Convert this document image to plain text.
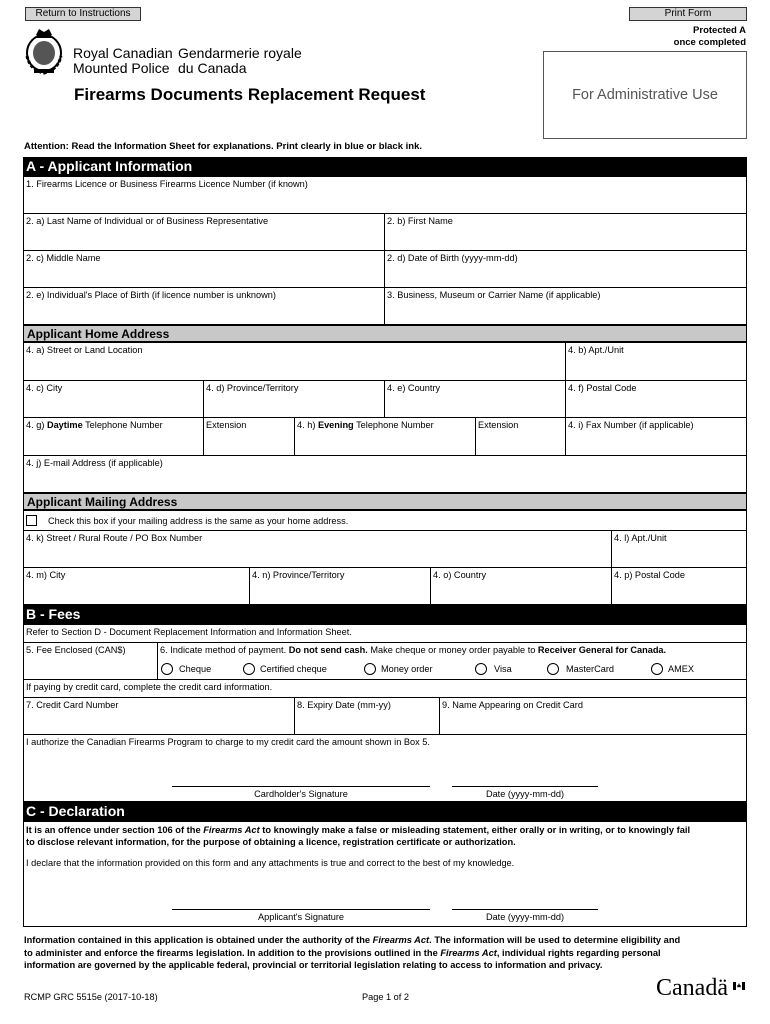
Return to Instructions	Print Form
Protected A
once completed
Royal Canadian
Mounted Police
Gendarmerie royale
du Canada
Firearms Documents Replacement Request	For Administrative Use
Attention: Read the Information Sheet for explanations. Print clearly in blue or black ink.
A - Applicant Information
1. Firearms Licence or Business Firearms Licence Number (if known)
2. a) Last Name of Individual or of Business Representative	2. b) First Name
2. c) Middle Name	2. d) Date of Birth (yyyy-mm-dd)
2. e) Individual's Place of Birth (if licence number is unknown)	3. Business, Museum or Carrier Name (if applicable)
Applicant Home Address
4. a) Street or Land Location	4. b) Apt./Unit
4. c) City	4. d) Province/Territory	4. e) Country	4. f) Postal Code
4. g) Daytime Telephone Number	Extension	4. h) Evening Telephone Number	Extension	4. i) Fax Number (if applicable)
4. j) E-mail Address (if applicable)
Applicant Mailing Address
Check this box if your mailing address is the same as your home address.
4. k) Street / Rural Route / PO Box Number	4. l) Apt./Unit
4. m) City	4. n) Province/Territory	4. o) Country	4. p) Postal Code
B - Fees
Refer to Section D - Document Replacement Information and Information Sheet.
5. Fee Enclosed (CAN$)	6. Indicate method of payment. Do not send cash. Make cheque or money order payable to Receiver General for Canada.
Cheque	Certified cheque	Money order	Visa	MasterCard	AMEX
If paying by credit card, complete the credit card information.
7. Credit Card Number	8. Expiry Date (mm-yy)	9. Name Appearing on Credit Card
I authorize the Canadian Firearms Program to charge to my credit card the amount shown in Box 5.
Cardholder's Signature	Date (yyyy-mm-dd)
C - Declaration
It is an offence under section 106 of the Firearms Act to knowingly make a false or misleading statement, either orally or in writing, or to knowingly fail
to disclose relevant information, for the purpose of obtaining a licence, registration certificate or authorization.
I declare that the information provided on this form and any attachments is true and correct to the best of my knowledge.
Applicant's Signature	Date (yyyy-mm-dd)
Information contained in this application is obtained under the authority of the Firearms Act. The information will be used to determine eligibility and
to administer and enforce the firearms legislation. In addition to the provisions outlined in the Firearms Act, individual rights regarding personal
information are governed by the applicable federal, provincial or territorial legislation relating to access to information and privacy.
RCMP GRC 5515e (2017-10-18)	Page 1 of 2	Canadä
